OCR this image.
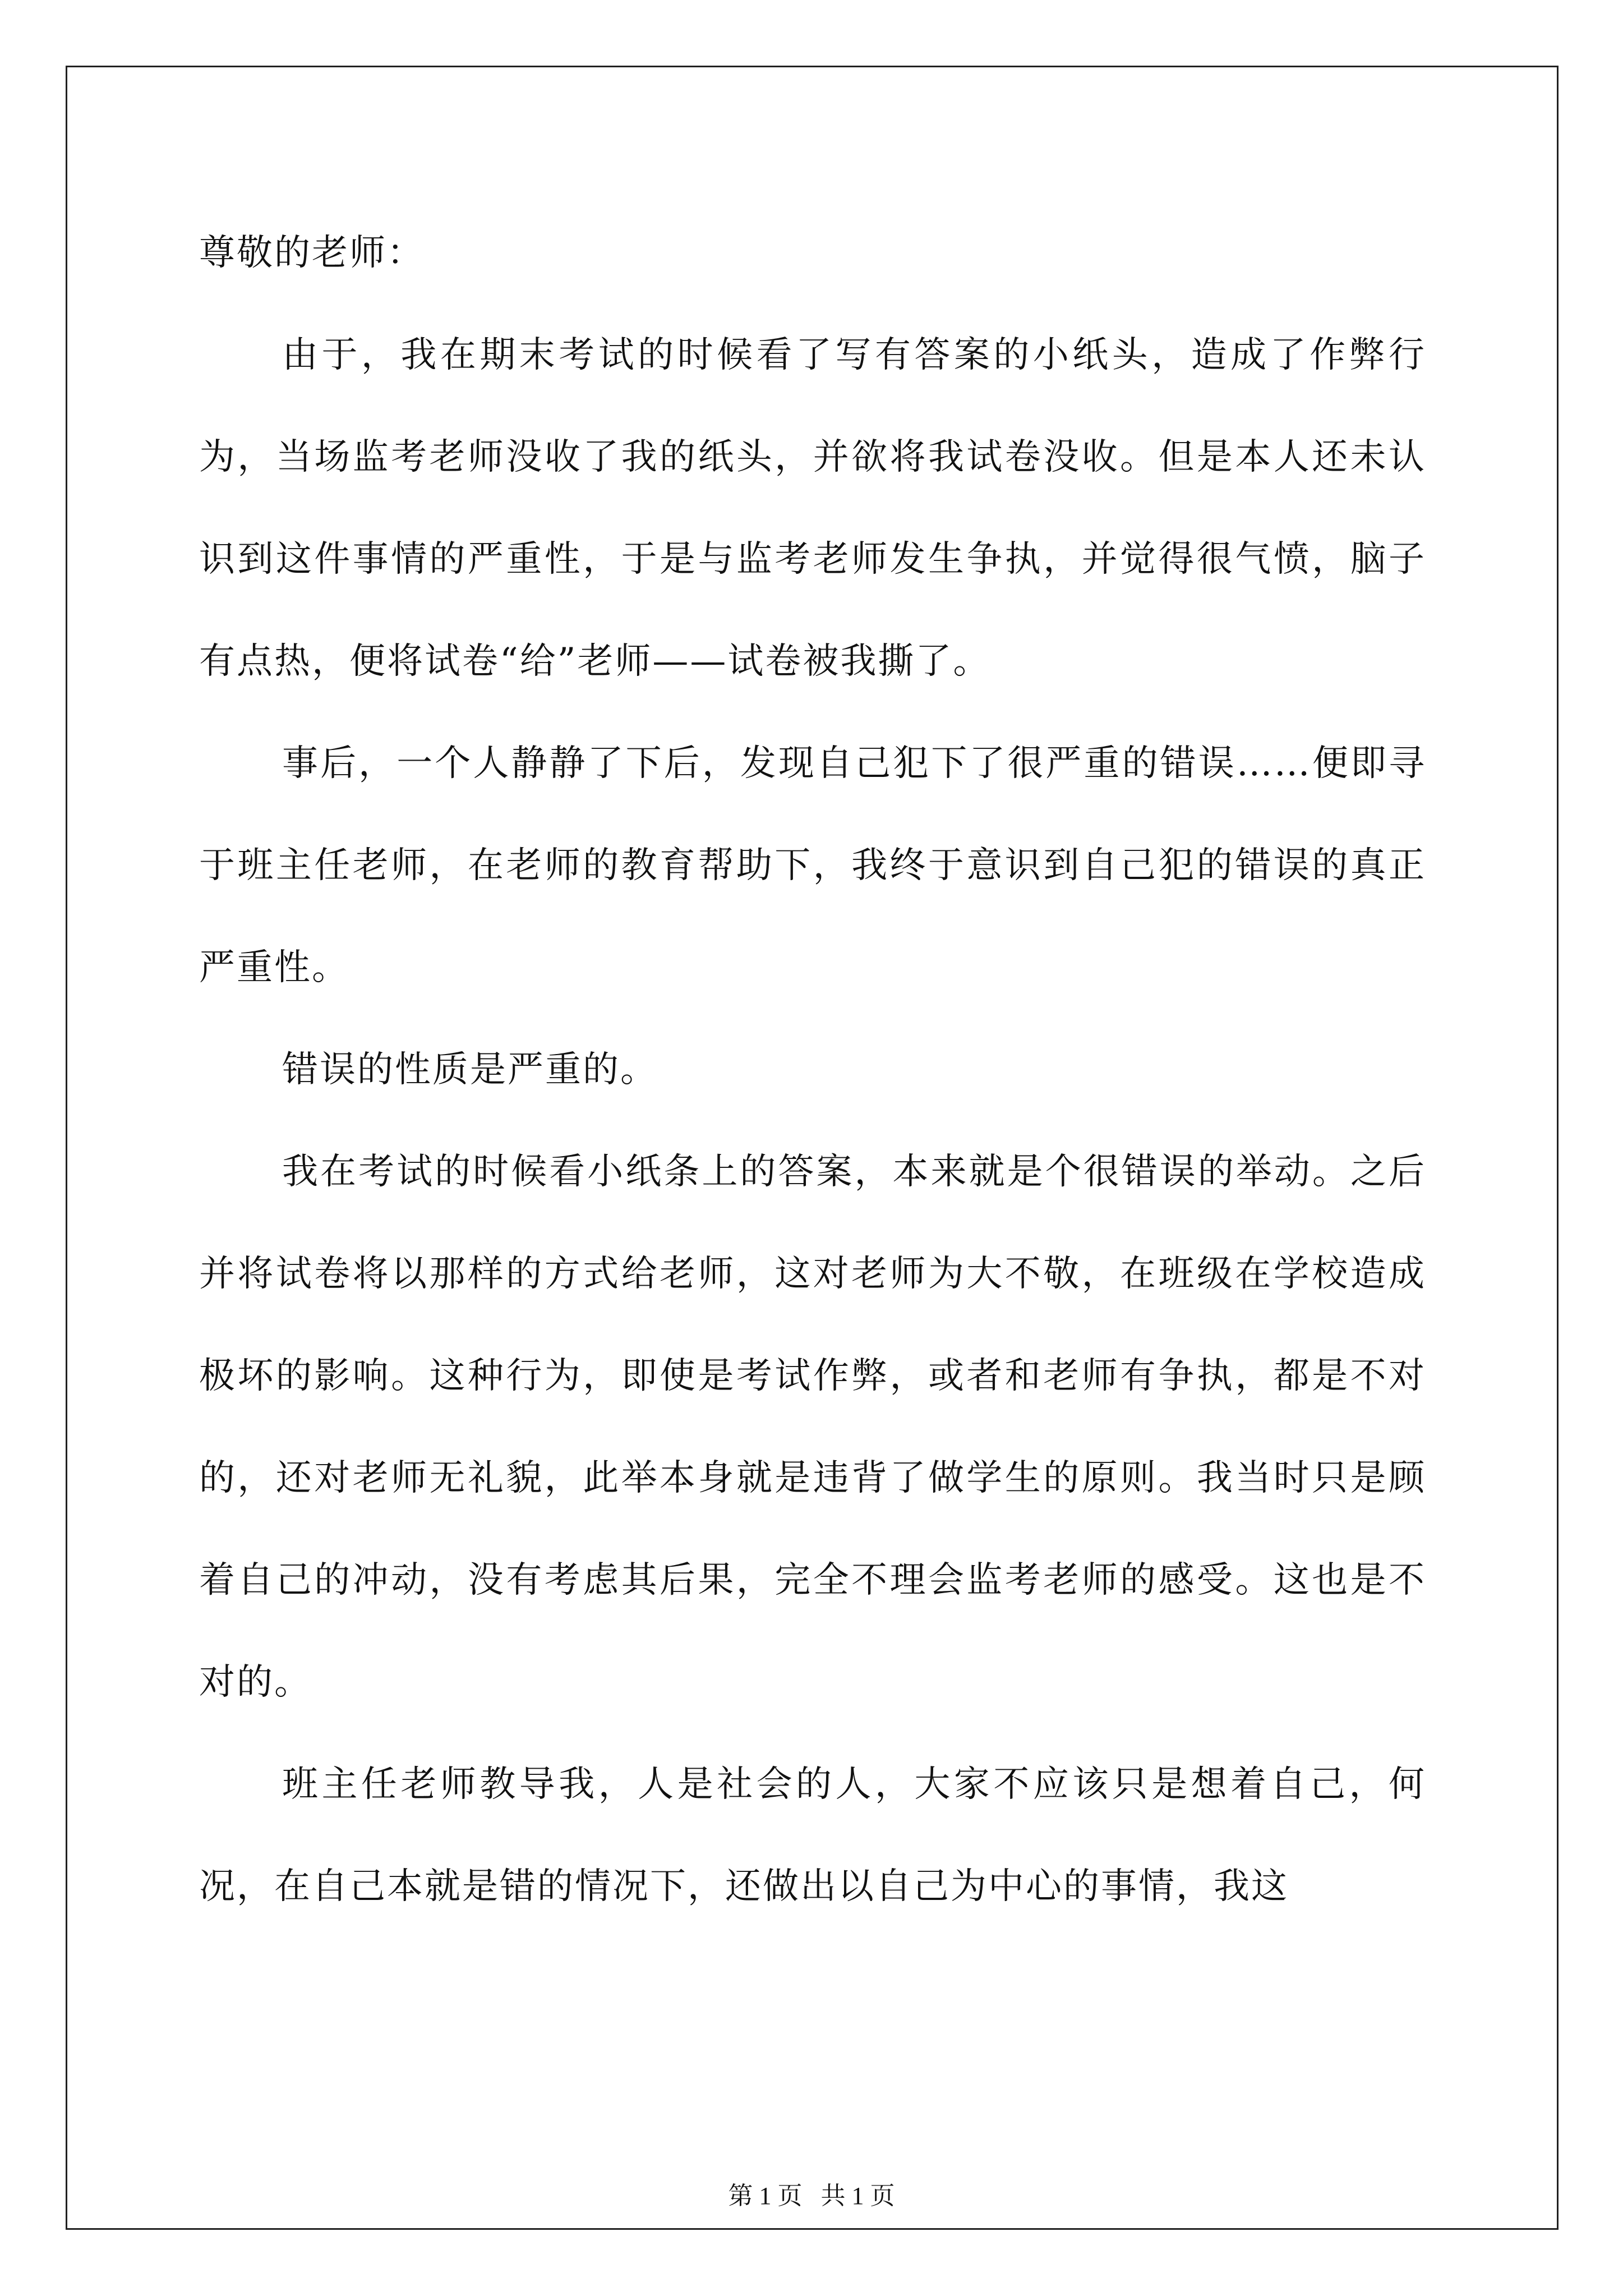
尊敬的老师：

由于，我在期末考试的时候看了写有答案的小纸头，造成了作弊行为，当场监考老师没收了我的纸头，并欲将我试卷没收。但是本人还未认识到这件事情的严重性，于是与监考老师发生争执，并觉得很气愤，脑子有点热，便将试卷“给”老师——试卷被我撕了。

事后，一个人静静了下后，发现自己犯下了很严重的错误……便即寻于班主任老师，在老师的教育帮助下，我终于意识到自己犯的错误的真正严重性。

错误的性质是严重的。

我在考试的时候看小纸条上的答案，本来就是个很错误的举动。之后并将试卷将以那样的方式给老师，这对老师为大不敬，在班级在学校造成极坏的影响。这种行为，即使是考试作弊，或者和老师有争执，都是不对的，还对老师无礼貌，此举本身就是违背了做学生的原则。我当时只是顾着自己的冲动，没有考虑其后果，完全不理会监考老师的感受。这也是不对的。

班主任老师教导我，人是社会的人，大家不应该只是想着自己，何况，在自己本就是错的情况下，还做出以自己为中心的事情，我这

第 1 页   共 1 页
